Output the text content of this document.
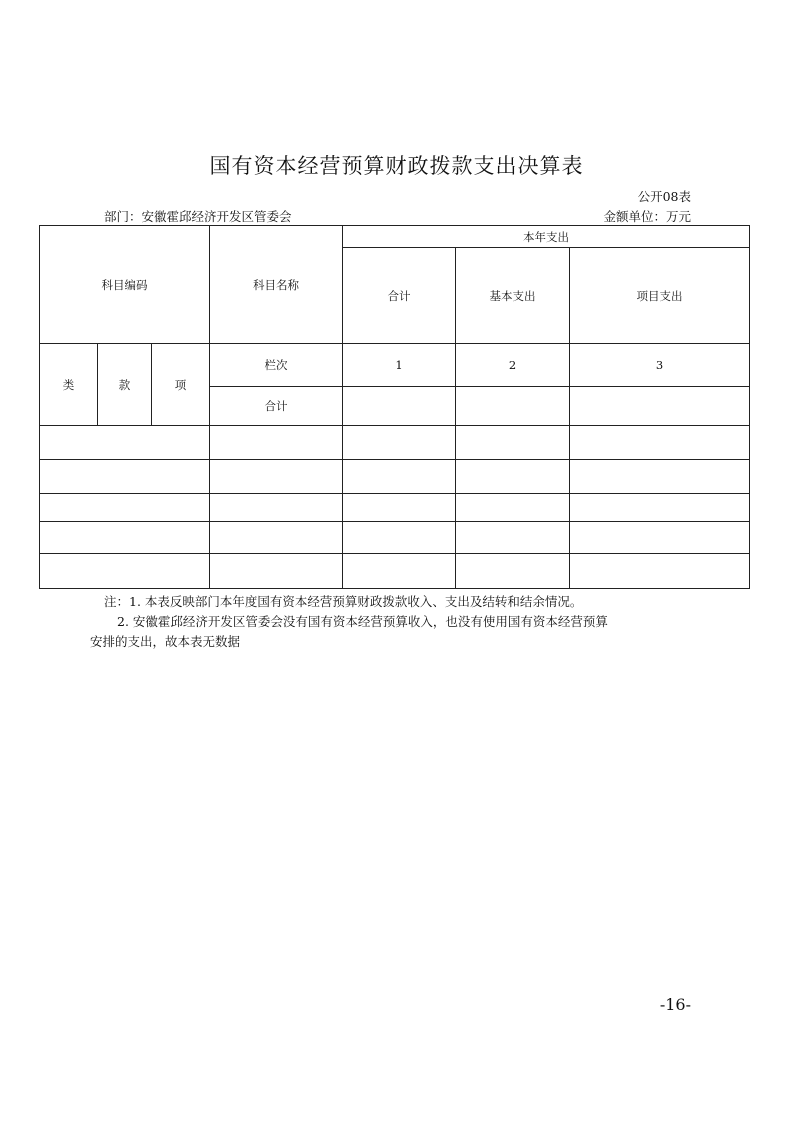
国有资本经营预算财政拨款支出决算表
公开08表
部门：安徽霍邱经济开发区管委会	金额单位：万元
科目编码			科目名称	本年支出		
				合计	基本支出	项目支出
类	款	项	栏次	1	2	3
			合计			

注：1. 本表反映部门本年度国有资本经营预算财政拨款收入、支出及结转和结余情况。

2. 安徽霍邱经济开发区管委会没有国有资本经营预算收入，也没有使用国有资本经营预算

安排的支出，故本表无数据

-16-
